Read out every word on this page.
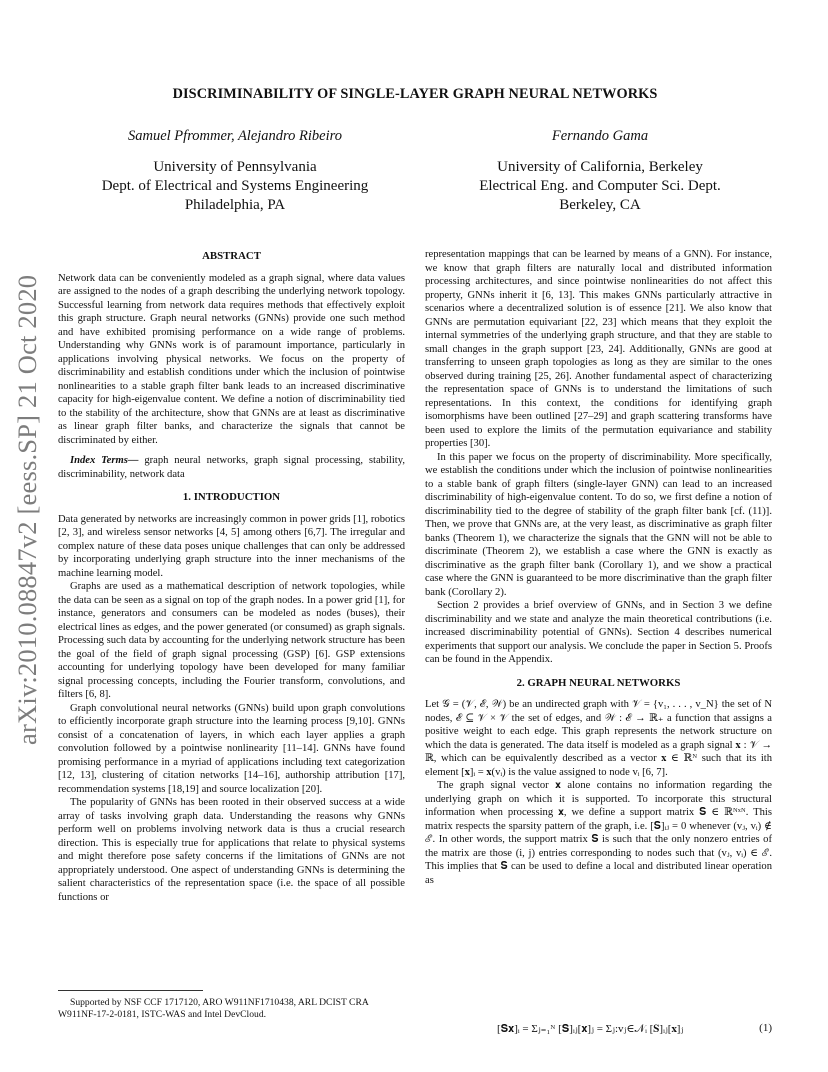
arXiv:2010.08847v2 [eess.SP] 21 Oct 2020
DISCRIMINABILITY OF SINGLE-LAYER GRAPH NEURAL NETWORKS
Samuel Pfrommer, Alejandro Ribeiro
University of Pennsylvania
Dept. of Electrical and Systems Engineering
Philadelphia, PA
Fernando Gama
University of California, Berkeley
Electrical Eng. and Computer Sci. Dept.
Berkeley, CA
ABSTRACT

Network data can be conveniently modeled as a graph signal, where data values are assigned to the nodes of a graph describing the underlying network topology. Successful learning from network data requires methods that effectively exploit this graph structure. Graph neural networks (GNNs) provide one such method and have exhibited promising performance on a wide range of problems. Understanding why GNNs work is of paramount importance, particularly in applications involving physical networks. We focus on the property of discriminability and establish conditions under which the inclusion of pointwise nonlinearities to a stable graph filter bank leads to an increased discriminative capacity for high-eigenvalue content. We define a notion of discriminability tied to the stability of the architecture, show that GNNs are at least as discriminative as linear graph filter banks, and characterize the signals that cannot be discriminated by either.

Index Terms— graph neural networks, graph signal processing, stability, discriminability, network data

1. INTRODUCTION

Data generated by networks are increasingly common in power grids [1], robotics [2, 3], and wireless sensor networks [4, 5] among others [6,7]. The irregular and complex nature of these data poses unique challenges that can only be addressed by incorporating underlying graph structure into the inner mechanisms of the machine learning model.

Graphs are used as a mathematical description of network topologies, while the data can be seen as a signal on top of the graph nodes. In a power grid [1], for instance, generators and consumers can be modeled as nodes (buses), their electrical lines as edges, and the power generated (or consumed) as graph signals. Processing such data by accounting for the underlying network structure has been the goal of the field of graph signal processing (GSP) [6]. GSP extensions accounting for underlying topology have been developed for many familiar signal processing concepts, including the Fourier transform, convolutions, and filters [6, 8].

Graph convolutional neural networks (GNNs) build upon graph convolutions to efficiently incorporate graph structure into the learning process [9,10]. GNNs consist of a concatenation of layers, in which each layer applies a graph convolution followed by a pointwise nonlinearity [11–14]. GNNs have found promising performance in a myriad of applications including text categorization [12, 13], clustering of citation networks [14–16], authorship attribution [17], recommendation systems [18,19] and source localization [20].

The popularity of GNNs has been rooted in their observed success at a wide array of tasks involving graph data. Understanding the reasons why GNNs perform well on problems involving network data is thus a crucial research direction. This is especially true for applications that relate to physical systems and might therefore pose safety concerns if the limitations of GNNs are not appropriately understood. One aspect of understanding GNNs is determining the salient characteristics of the representation space (i.e. the space of all possible functions or

representation mappings that can be learned by means of a GNN). For instance, we know that graph filters are naturally local and distributed information processing architectures, and since pointwise nonlinearities do not affect this property, GNNs inherit it [6, 13]. This makes GNNs particularly attractive in scenarios where a decentralized solution is of essence [21]. We also know that GNNs are permutation equivariant [22, 23] which means that they exploit the internal symmetries of the underlying graph structure, and that they are stable to small changes in the graph support [23, 24]. Additionally, GNNs are good at transferring to unseen graph topologies as long as they are similar to the ones observed during training [25, 26]. Another fundamental aspect of characterizing the representation space of GNNs is to understand the limitations of such representations. In this context, the conditions for identifying graph isomorphisms have been outlined [27–29] and graph scattering transforms have been used to explore the limits of the permutation equivariance and stability properties [30].

In this paper we focus on the property of discriminability. More specifically, we establish the conditions under which the inclusion of pointwise nonlinearities to a stable bank of graph filters (single-layer GNN) can lead to an increased discriminability of high-eigenvalue content. To do so, we first define a notion of discriminability tied to the degree of stability of the graph filter bank [cf. (11)]. Then, we prove that GNNs are, at the very least, as discriminative as graph filter banks (Theorem 1), we characterize the signals that the GNN will not be able to discriminate (Theorem 2), we establish a case where the GNN is exactly as discriminative as the graph filter bank (Corollary 1), and we show a practical case where the GNN is guaranteed to be more discriminative than the graph filter bank (Corollary 2).

Section 2 provides a brief overview of GNNs, and in Section 3 we define discriminability and we state and analyze the main theoretical contributions (i.e. increased discriminability potential of GNNs). Section 4 describes numerical experiments that support our analysis. We conclude the paper in Section 5. Proofs can be found in the Appendix.

2. GRAPH NEURAL NETWORKS

Let 𝒢 = (𝒱, ℰ, 𝒲) be an undirected graph with 𝒱 = {v₁, . . . , v_N} the set of N nodes, ℰ ⊆ 𝒱 × 𝒱 the set of edges, and 𝒲 : ℰ → ℝ₊ a function that assigns a positive weight to each edge. This graph represents the network structure on which the data is generated. The data itself is modeled as a graph signal 𝐱 : 𝒱 → ℝ, which can be equivalently described as a vector 𝐱 ∈ ℝᴺ such that its ith element [𝐱]ᵢ = 𝐱(vᵢ) is the value assigned to node vᵢ [6, 7].

The graph signal vector 𝐱 alone contains no information regarding the underlying graph on which it is supported. To incorporate this structural information when processing 𝐱, we define a support matrix 𝐒 ∈ ℝᴺˣᴺ. This matrix respects the sparsity pattern of the graph, i.e. [𝐒]ᵢⱼ = 0 whenever (vⱼ, vᵢ) ∉ ℰ. In other words, the support matrix 𝐒 is such that the only nonzero entries of the matrix are those (i, j) entries corresponding to nodes such that (vⱼ, vᵢ) ∈ ℰ. This implies that 𝐒 can be used to define a local and distributed linear operation as

[𝐒𝐱]ᵢ = Σⱼ₌₁ᴺ [𝐒]ᵢⱼ[𝐱]ⱼ = Σⱼ:vⱼ∈𝒩ᵢ [𝐒]ᵢⱼ[𝐱]ⱼ	(1)

Supported by NSF CCF 1717120, ARO W911NF1710438, ARL DCIST CRA W911NF-17-2-0181, ISTC-WAS and Intel DevCloud.
